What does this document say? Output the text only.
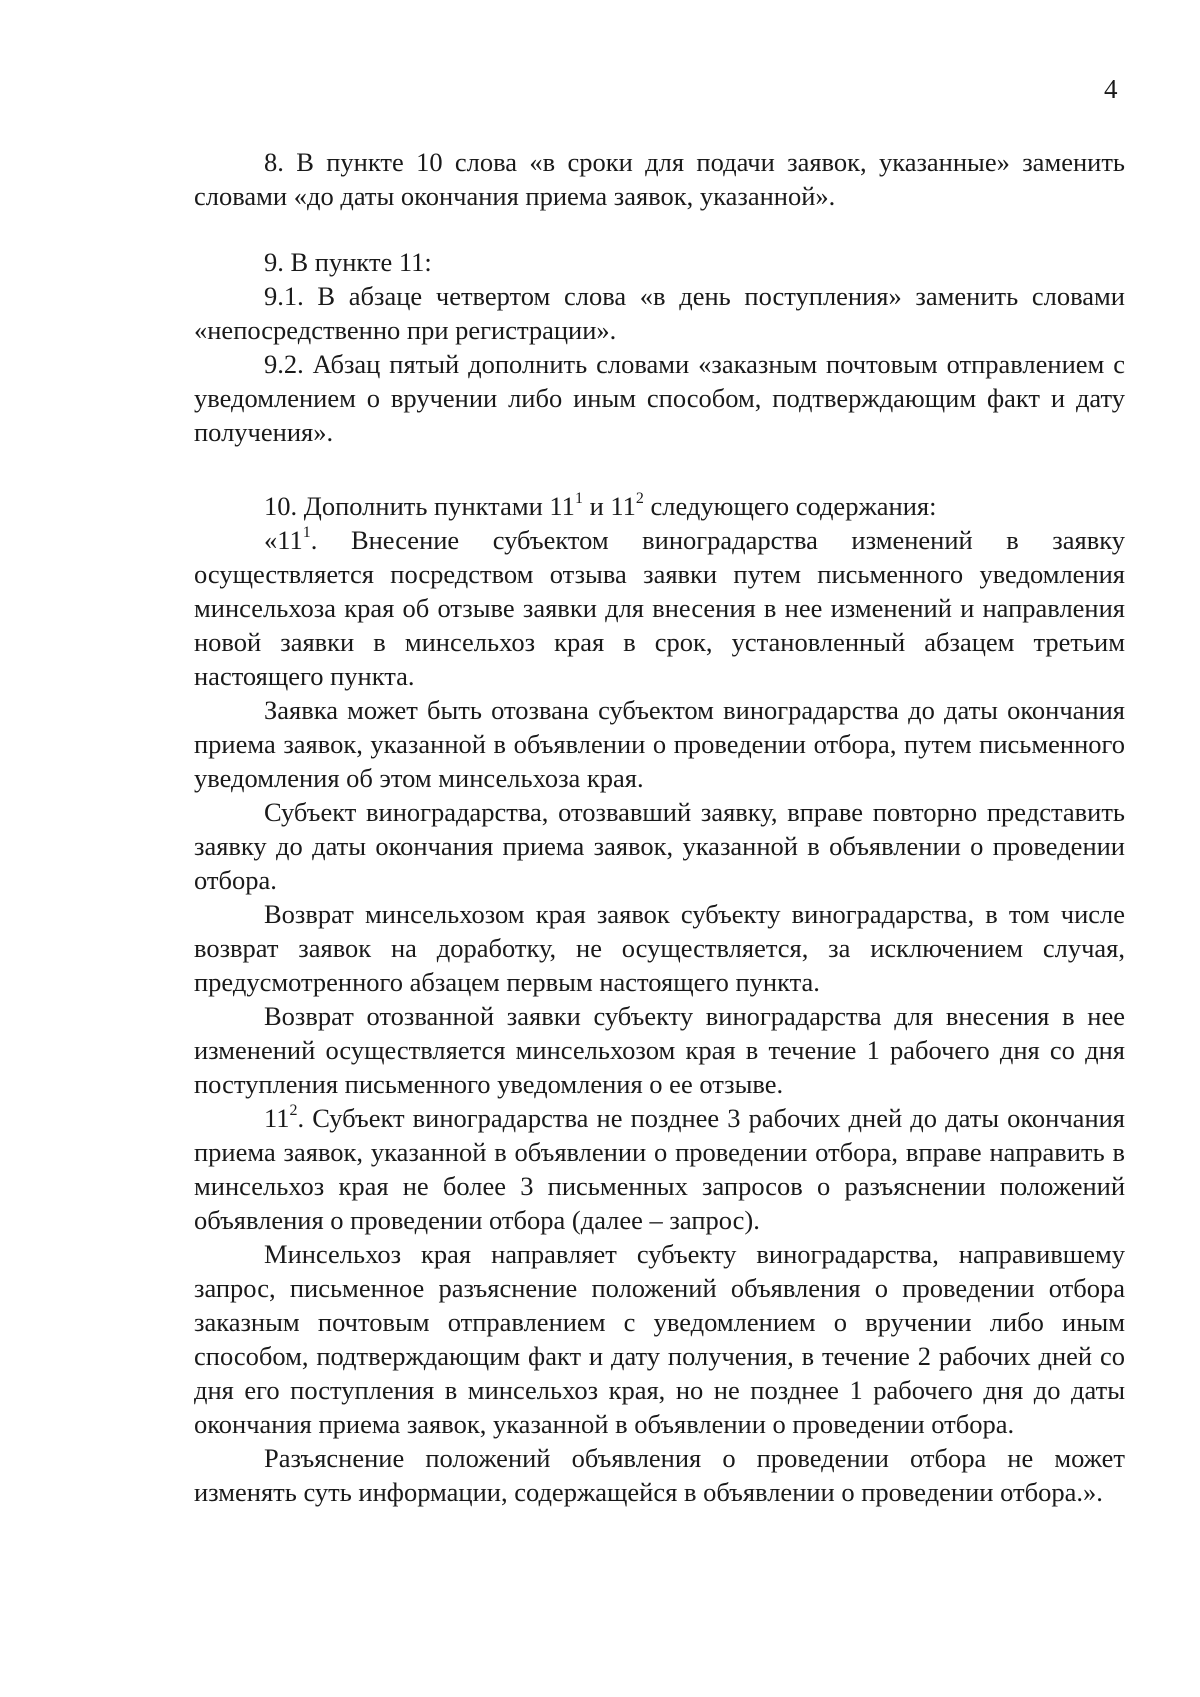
4

8. В пункте 10 слова «в сроки для подачи заявок, указанные» заменить словами «до даты окончания приема заявок, указанной».

9. В пункте 11:

9.1. В абзаце четвертом слова «в день поступления» заменить словами «непосредственно при регистрации».

9.2. Абзац пятый дополнить словами «заказным почтовым отправлением с уведомлением о вручении либо иным способом, подтверждающим факт и дату получения».

10. Дополнить пунктами $11^1$ и $11^2$ следующего содержания:

«$11^1$. Внесение субъектом виноградарства изменений в заявку осуществляется посредством отзыва заявки путем письменного уведомления минсельхоза края об отзыве заявки для внесения в нее изменений и направления новой заявки в минсельхоз края в срок, установленный абзацем третьим настоящего пункта.

Заявка может быть отозвана субъектом виноградарства до даты окончания приема заявок, указанной в объявлении о проведении отбора, путем письменного уведомления об этом минсельхоза края.

Субъект виноградарства, отозвавший заявку, вправе повторно представить заявку до даты окончания приема заявок, указанной в объявлении о проведении отбора.

Возврат минсельхозом края заявок субъекту виноградарства, в том числе возврат заявок на доработку, не осуществляется, за исключением случая, предусмотренного абзацем первым настоящего пункта.

Возврат отозванной заявки субъекту виноградарства для внесения в нее изменений осуществляется минсельхозом края в течение 1 рабочего дня со дня поступления письменного уведомления о ее отзыве.

$11^2$. Субъект виноградарства не позднее 3 рабочих дней до даты окончания приема заявок, указанной в объявлении о проведении отбора, вправе направить в минсельхоз края не более 3 письменных запросов о разъяснении положений объявления о проведении отбора (далее – запрос).

Минсельхоз края направляет субъекту виноградарства, направившему запрос, письменное разъяснение положений объявления о проведении отбора заказным почтовым отправлением с уведомлением о вручении либо иным способом, подтверждающим факт и дату получения, в течение 2 рабочих дней со дня его поступления в минсельхоз края, но не позднее 1 рабочего дня до даты окончания приема заявок, указанной в объявлении о проведении отбора.

Разъяснение положений объявления о проведении отбора не может изменять суть информации, содержащейся в объявлении о проведении отбора.».
